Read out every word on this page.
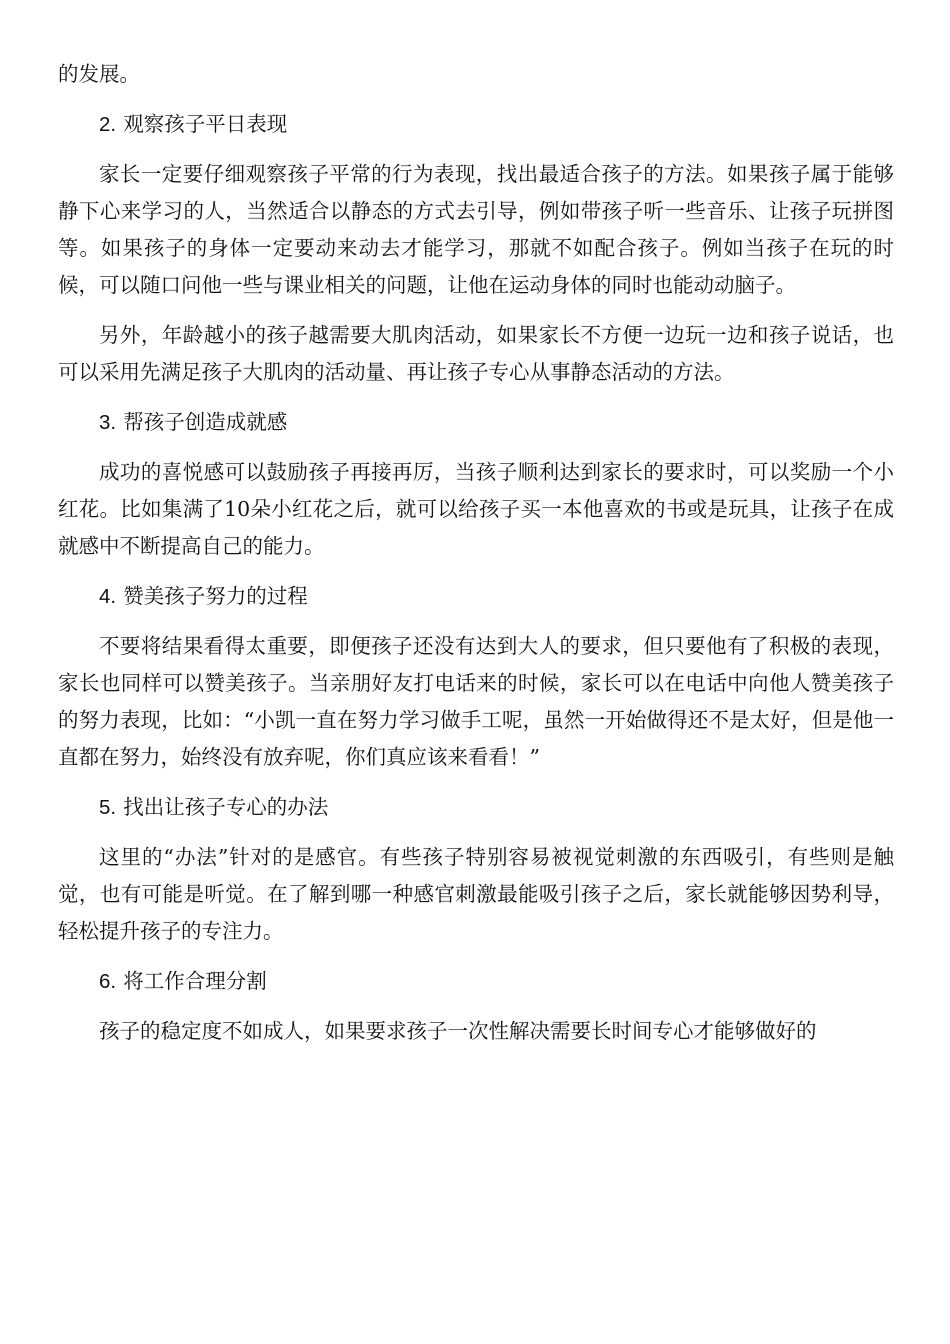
的发展。

2. 观察孩子平日表现

家长一定要仔细观察孩子平常的行为表现，找出最适合孩子的方法。如果孩子属于能够静下心来学习的人，当然适合以静态的方式去引导，例如带孩子听一些音乐、让孩子玩拼图等。如果孩子的身体一定要动来动去才能学习，那就不如配合孩子。例如当孩子在玩的时候，可以随口问他一些与课业相关的问题，让他在运动身体的同时也能动动脑子。

另外，年龄越小的孩子越需要大肌肉活动，如果家长不方便一边玩一边和孩子说话，也可以采用先满足孩子大肌肉的活动量、再让孩子专心从事静态活动的方法。

3. 帮孩子创造成就感

成功的喜悦感可以鼓励孩子再接再厉，当孩子顺利达到家长的要求时，可以奖励一个小红花。比如集满了10朵小红花之后，就可以给孩子买一本他喜欢的书或是玩具，让孩子在成就感中不断提高自己的能力。

4. 赞美孩子努力的过程

不要将结果看得太重要，即便孩子还没有达到大人的要求，但只要他有了积极的表现，家长也同样可以赞美孩子。当亲朋好友打电话来的时候，家长可以在电话中向他人赞美孩子的努力表现，比如：“小凯一直在努力学习做手工呢，虽然一开始做得还不是太好，但是他一直都在努力，始终没有放弃呢，你们真应该来看看！”

5. 找出让孩子专心的办法

这里的“办法”针对的是感官。有些孩子特别容易被视觉刺激的东西吸引，有些则是触觉，也有可能是听觉。在了解到哪一种感官刺激最能吸引孩子之后，家长就能够因势利导，轻松提升孩子的专注力。

6. 将工作合理分割

孩子的稳定度不如成人，如果要求孩子一次性解决需要长时间专心才能够做好的
